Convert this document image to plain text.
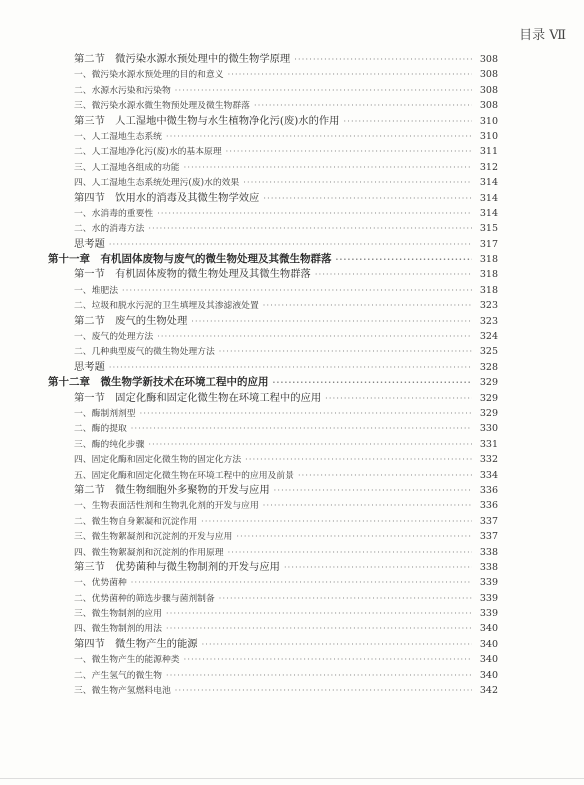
目录 Ⅶ
第二节　微污染水源水预处理中的微生物学原理 ·····	308
一、微污染水源水预处理的目的和意义 ·····	308
二、水源水污染和污染物 ·····	308
三、微污染水源水微生物预处理及微生物群落 ·····	308
第三节　人工湿地中微生物与水生植物净化污(废)水的作用 ·····	310
一、人工湿地生态系统 ·····	310
二、人工湿地净化污(废)水的基本原理 ·····	311
三、人工湿地各组成的功能 ·····	312
四、人工湿地生态系统处理污(废)水的效果 ·····	314
第四节　饮用水的消毒及其微生物学效应 ·····	314
一、水消毒的重要性 ·····	314
二、水的消毒方法 ·····	315
思考题 ·····	317
第十一章　有机固体废物与废气的微生物处理及其微生物群落 ·····	318
第一节　有机固体废物的微生物处理及其微生物群落 ·····	318
一、堆肥法 ·····	318
二、垃圾和脱水污泥的卫生填埋及其渗滤液处置 ·····	323
第二节　废气的生物处理 ·····	323
一、废气的处理方法 ·····	324
二、几种典型废气的微生物处理方法 ·····	325
思考题 ·····	328
第十二章　微生物学新技术在环境工程中的应用 ·····	329
第一节　固定化酶和固定化微生物在环境工程中的应用 ·····	329
一、酶制剂剂型 ·····	329
二、酶的提取 ·····	330
三、酶的纯化步骤 ·····	331
四、固定化酶和固定化微生物的固定化方法 ·····	332
五、固定化酶和固定化微生物在环境工程中的应用及前景 ·····	334
第二节　微生物细胞外多聚物的开发与应用 ·····	336
一、生物表面活性剂和生物乳化剂的开发与应用 ·····	336
二、微生物自身絮凝和沉淀作用 ·····	337
三、微生物絮凝剂和沉淀剂的开发与应用 ·····	337
四、微生物絮凝剂和沉淀剂的作用原理 ·····	338
第三节　优势菌种与微生物制剂的开发与应用 ·····	338
一、优势菌种 ·····	339
二、优势菌种的筛选步骤与菌剂制备 ·····	339
三、微生物制剂的应用 ·····	339
四、微生物制剂的用法 ·····	340
第四节　微生物产生的能源 ·····	340
一、微生物产生的能源种类 ·····	340
二、产生氢气的微生物 ·····	340
三、微生物产氢燃料电池 ·····	342
